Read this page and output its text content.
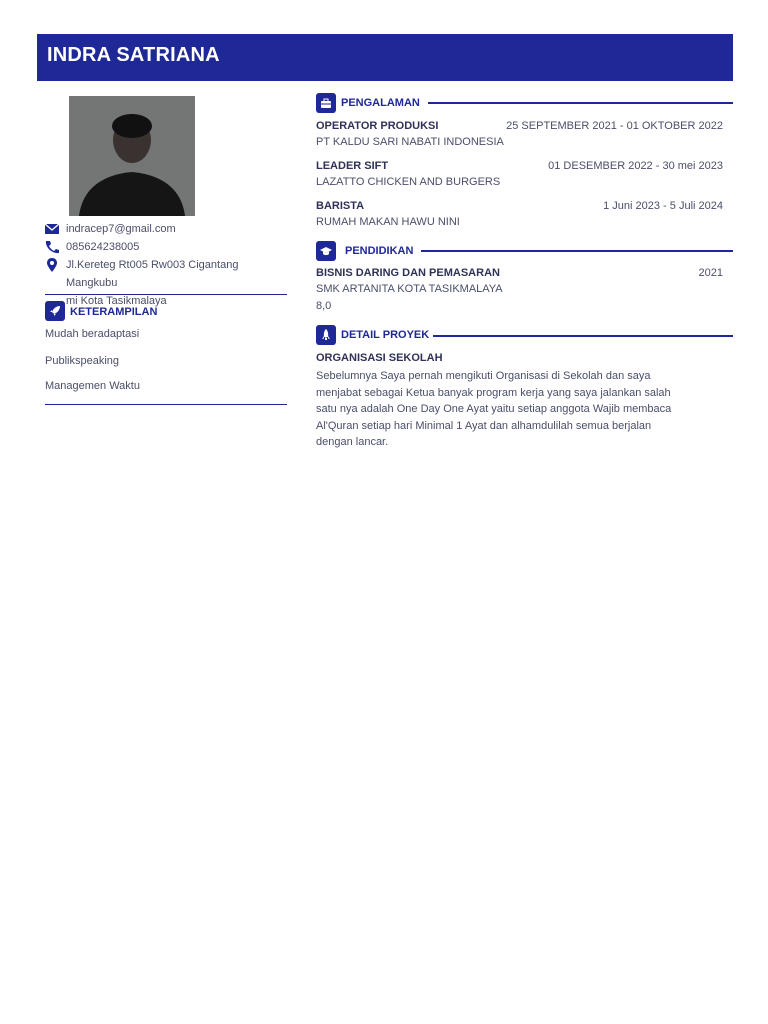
INDRA SATRIANA
indracep7@gmail.com
085624238005
Jl.Kereteg Rt005 Rw003 Cigantang Mangkubu
mi Kota Tasikmalaya
KETERAMPILAN
Mudah beradaptasi
Publikspeaking
Managemen Waktu
PENGALAMAN
OPERATOR PRODUKSI	25 SEPTEMBER 2021 - 01 OKTOBER 2022
PT KALDU SARI NABATI INDONESIA
LEADER SIFT	01 DESEMBER 2022 - 30 mei 2023
LAZATTO CHICKEN AND BURGERS
BARISTA	1 Juni 2023 - 5 Juli 2024
RUMAH MAKAN HAWU NINI
PENDIDIKAN
BISNIS DARING DAN PEMASARAN	2021
SMK ARTANITA KOTA TASIKMALAYA
8,0
DETAIL PROYEK
ORGANISASI SEKOLAH
Sebelumnya Saya pernah mengikuti Organisasi di Sekolah dan saya menjabat sebagai Ketua banyak program kerja yang saya jalankan salah satu nya adalah One Day One Ayat yaitu setiap anggota Wajib membaca Al'Quran setiap hari Minimal 1 Ayat dan alhamdulilah semua berjalan dengan lancar.
